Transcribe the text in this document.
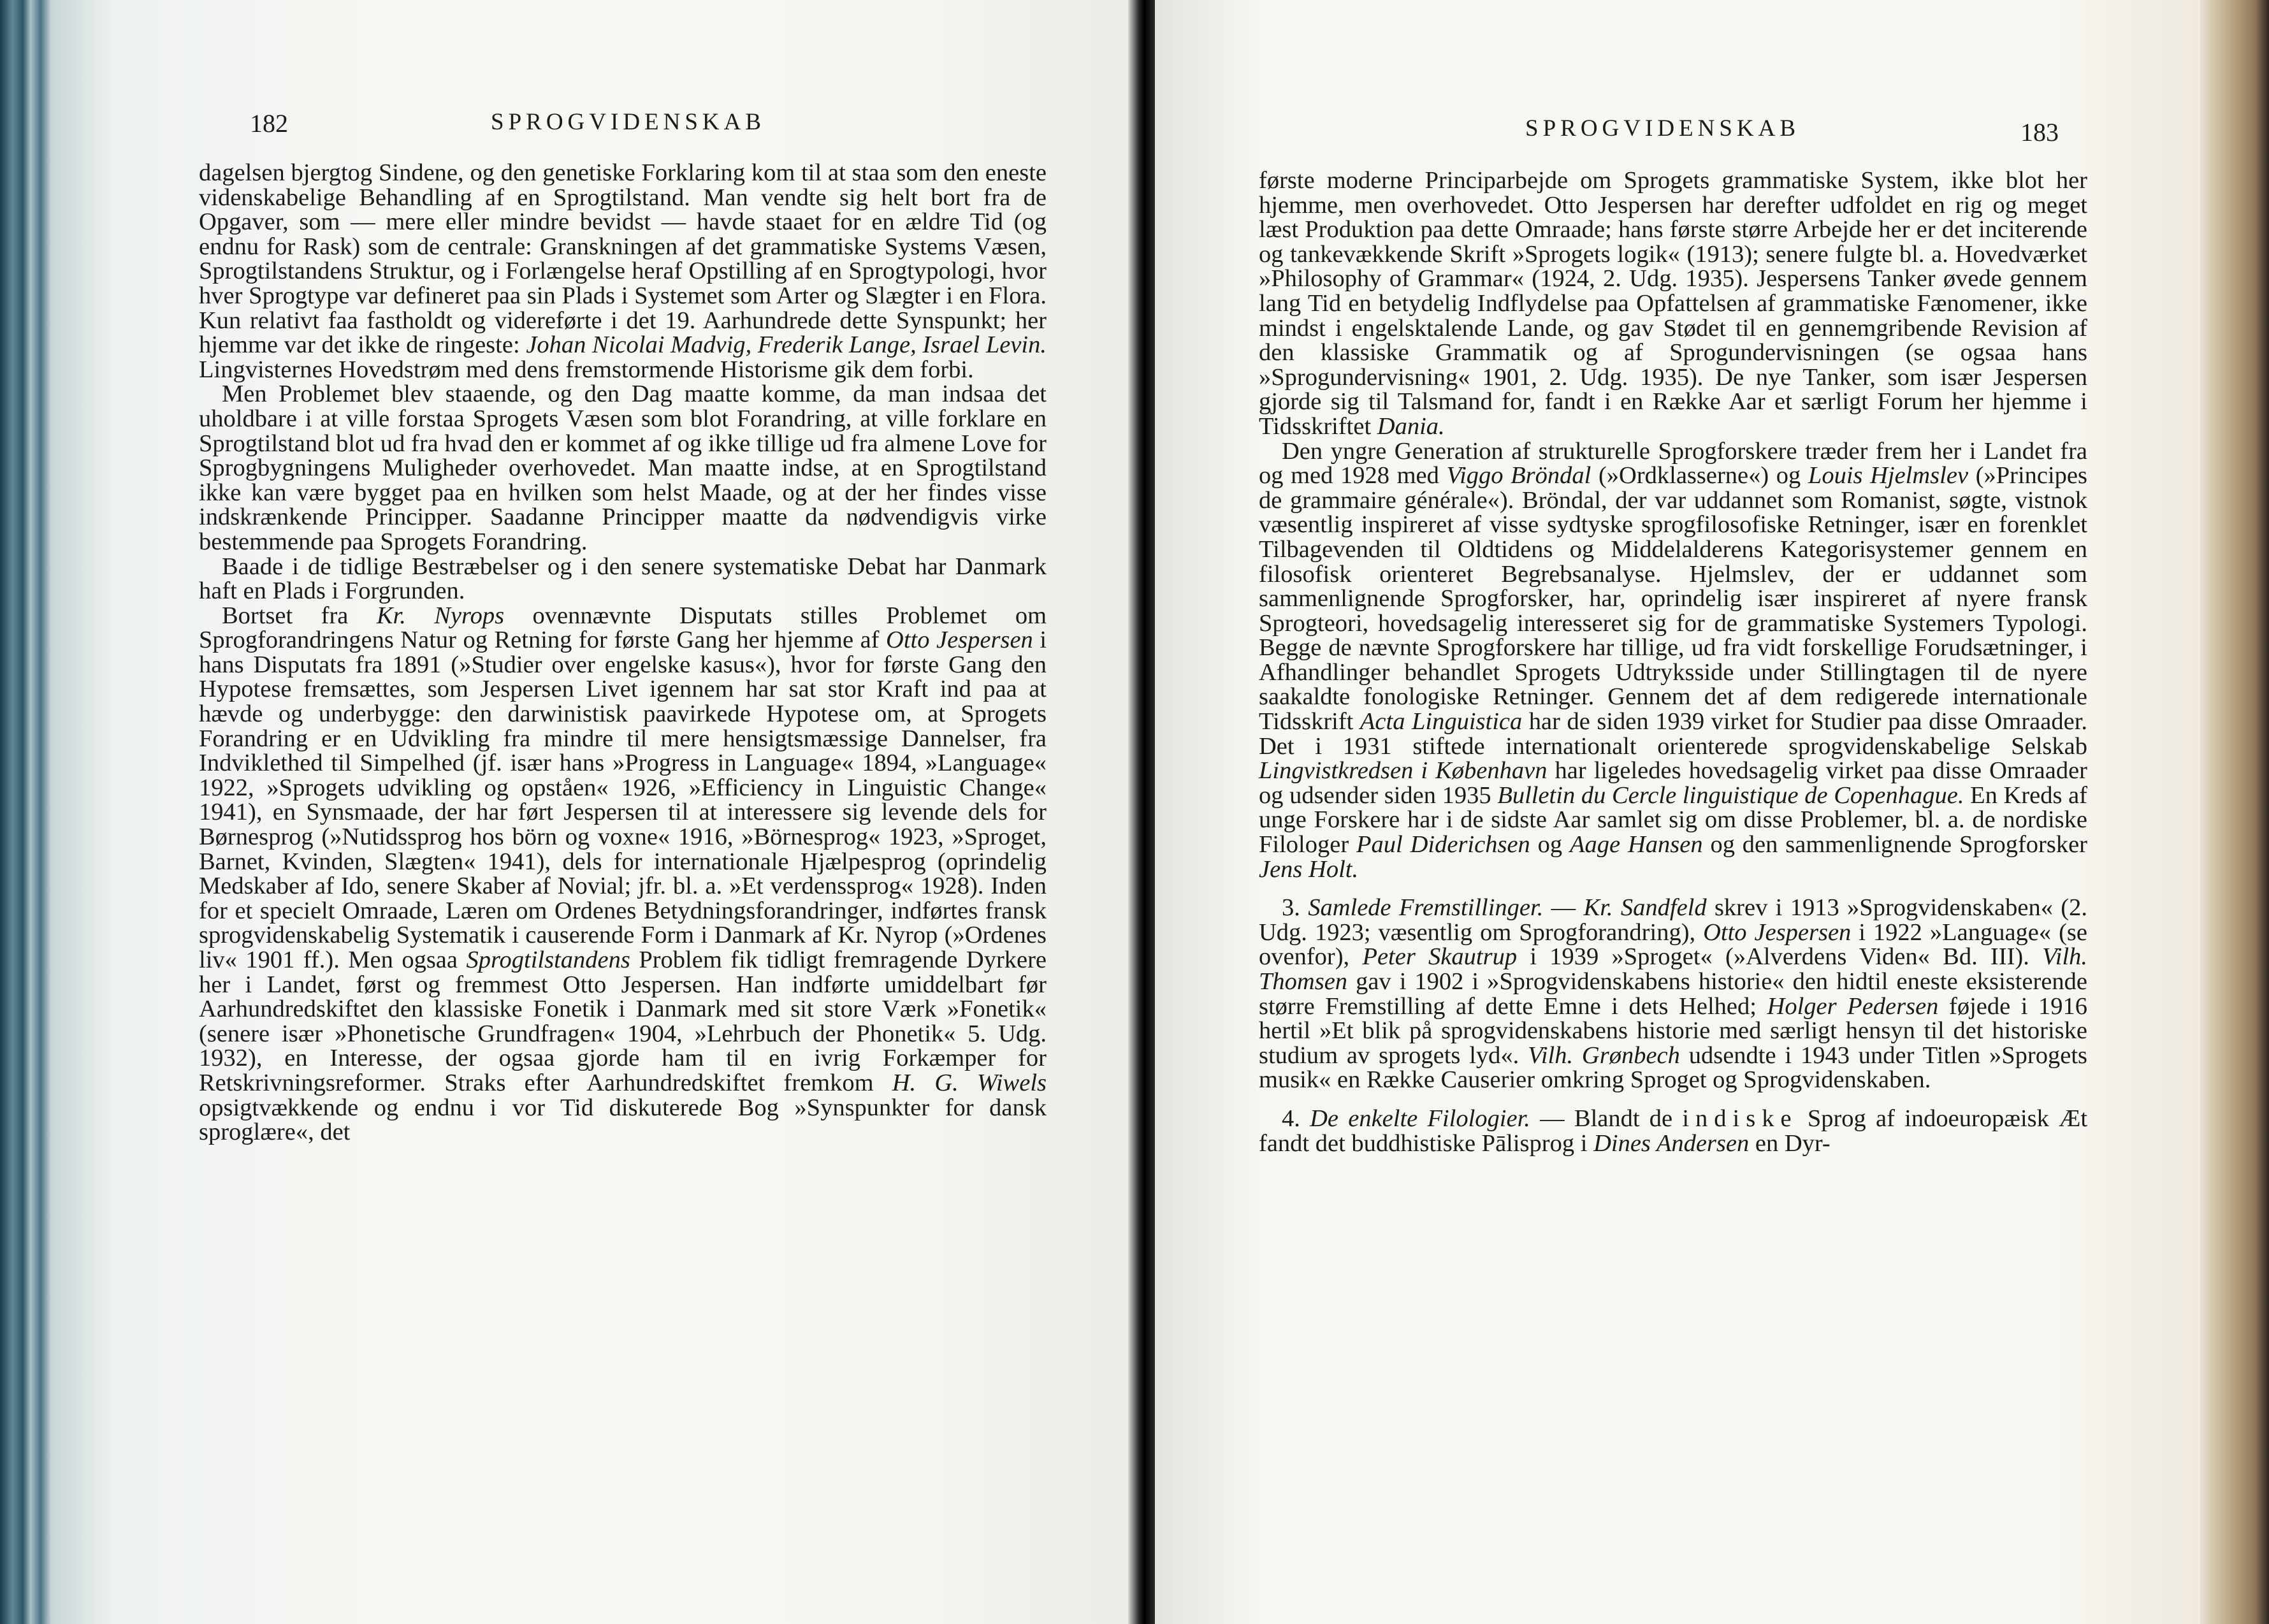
182	SPROGVIDENSKAB

dagelsen bjergtog Sindene, og den genetiske Forklaring kom til at staa som den eneste videnskabelige Behandling af en Sprogtilstand. Man vendte sig helt bort fra de Opgaver, som — mere eller mindre bevidst — havde staaet for en ældre Tid (og endnu for Rask) som de centrale: Granskningen af det grammatiske Systems Væsen, Sprogtilstandens Struktur, og i Forlængelse heraf Opstilling af en Sprogtypologi, hvor hver Sprogtype var defineret paa sin Plads i Systemet som Arter og Slægter i en Flora. Kun relativt faa fastholdt og videreførte i det 19. Aarhundrede dette Synspunkt; her hjemme var det ikke de ringeste: Johan Nicolai Madvig, Frederik Lange, Israel Levin. Lingvisternes Hovedstrøm med dens fremstormende Historisme gik dem forbi.

Men Problemet blev staaende, og den Dag maatte komme, da man indsaa det uholdbare i at ville forstaa Sprogets Væsen som blot Forandring, at ville forklare en Sprogtilstand blot ud fra hvad den er kommet af og ikke tillige ud fra almene Love for Sprogbygningens Muligheder overhovedet. Man maatte indse, at en Sprogtilstand ikke kan være bygget paa en hvilken som helst Maade, og at der her findes visse indskrænkende Principper. Saadanne Principper maatte da nødvendigvis virke bestemmende paa Sprogets Forandring.

Baade i de tidlige Bestræbelser og i den senere systematiske Debat har Danmark haft en Plads i Forgrunden.

Bortset fra Kr. Nyrops ovennævnte Disputats stilles Problemet om Sprogforandringens Natur og Retning for første Gang her hjemme af Otto Jespersen i hans Disputats fra 1891 (»Studier over engelske kasus«), hvor for første Gang den Hypotese fremsættes, som Jespersen Livet igennem har sat stor Kraft ind paa at hævde og underbygge: den darwinistisk paavirkede Hypotese om, at Sprogets Forandring er en Udvikling fra mindre til mere hensigtsmæssige Dannelser, fra Indviklethed til Simpelhed (jf. især hans »Progress in Language« 1894, »Language« 1922, »Sprogets udvikling og opståen« 1926, »Efficiency in Linguistic Change« 1941), en Synsmaade, der har ført Jespersen til at interessere sig levende dels for Børnesprog (»Nutidssprog hos börn og voxne« 1916, »Börnesprog« 1923, »Sproget, Barnet, Kvinden, Slægten« 1941), dels for internationale Hjælpesprog (oprindelig Medskaber af Ido, senere Skaber af Novial; jfr. bl. a. »Et verdenssprog« 1928). Inden for et specielt Omraade, Læren om Ordenes Betydningsforandringer, indførtes fransk sprogvidenskabelig Systematik i causerende Form i Danmark af Kr. Nyrop (»Ordenes liv« 1901 ff.). Men ogsaa Sprogtilstandens Problem fik tidligt fremragende Dyrkere her i Landet, først og fremmest Otto Jespersen. Han indførte umiddelbart før Aarhundredskiftet den klassiske Fonetik i Danmark med sit store Værk »Fonetik« (senere især »Phonetische Grundfragen« 1904, »Lehrbuch der Phonetik« 5. Udg. 1932), en Interesse, der ogsaa gjorde ham til en ivrig Forkæmper for Retskrivningsreformer. Straks efter Aarhundredskiftet fremkom H. G. Wiwels opsigtvækkende og endnu i vor Tid diskuterede Bog »Synspunkter for dansk sproglære«, det

SPROGVIDENSKAB	183

første moderne Principarbejde om Sprogets grammatiske System, ikke blot her hjemme, men overhovedet. Otto Jespersen har derefter udfoldet en rig og meget læst Produktion paa dette Omraade; hans første større Arbejde her er det inciterende og tankevækkende Skrift »Sprogets logik« (1913); senere fulgte bl. a. Hovedværket »Philosophy of Grammar« (1924, 2. Udg. 1935). Jespersens Tanker øvede gennem lang Tid en betydelig Indflydelse paa Opfattelsen af grammatiske Fænomener, ikke mindst i engelsktalende Lande, og gav Stødet til en gennemgribende Revision af den klassiske Grammatik og af Sprogundervisningen (se ogsaa hans »Sprogundervisning« 1901, 2. Udg. 1935). De nye Tanker, som især Jespersen gjorde sig til Talsmand for, fandt i en Række Aar et særligt Forum her hjemme i Tidsskriftet Dania.

Den yngre Generation af strukturelle Sprogforskere træder frem her i Landet fra og med 1928 med Viggo Bröndal (»Ordklasserne«) og Louis Hjelmslev (»Principes de grammaire générale«). Bröndal, der var uddannet som Romanist, søgte, vistnok væsentlig inspireret af visse sydtyske sprogfilosofiske Retninger, især en forenklet Tilbagevenden til Oldtidens og Middelalderens Kategorisystemer gennem en filosofisk orienteret Begrebsanalyse. Hjelmslev, der er uddannet som sammenlignende Sprogforsker, har, oprindelig især inspireret af nyere fransk Sprogteori, hovedsagelig interesseret sig for de grammatiske Systemers Typologi. Begge de nævnte Sprogforskere har tillige, ud fra vidt forskellige Forudsætninger, i Afhandlinger behandlet Sprogets Udtryksside under Stillingtagen til de nyere saakaldte fonologiske Retninger. Gennem det af dem redigerede internationale Tidsskrift Acta Linguistica har de siden 1939 virket for Studier paa disse Omraader. Det i 1931 stiftede internationalt orienterede sprogvidenskabelige Selskab Lingvistkredsen i København har ligeledes hovedsagelig virket paa disse Omraader og udsender siden 1935 Bulletin du Cercle linguistique de Copenhague. En Kreds af unge Forskere har i de sidste Aar samlet sig om disse Problemer, bl. a. de nordiske Filologer Paul Diderichsen og Aage Hansen og den sammenlignende Sprogforsker Jens Holt.

3. Samlede Fremstillinger. — Kr. Sandfeld skrev i 1913 »Sprogvidenskaben« (2. Udg. 1923; væsentlig om Sprogforandring), Otto Jespersen i 1922 »Language« (se ovenfor), Peter Skautrup i 1939 »Sproget« (»Alverdens Viden« Bd. III). Vilh. Thomsen gav i 1902 i »Sprogvidenskabens historie« den hidtil eneste eksisterende større Fremstilling af dette Emne i dets Helhed; Holger Pedersen føjede i 1916 hertil »Et blik på sprogvidenskabens historie med særligt hensyn til det historiske studium av sprogets lyd«. Vilh. Grønbech udsendte i 1943 under Titlen »Sprogets musik« en Række Causerier omkring Sproget og Sprogvidenskaben.

4. De enkelte Filologier. — Blandt de indiske Sprog af indoeuropæisk Æt fandt det buddhistiske Pālisprog i Dines Andersen en Dyr-
